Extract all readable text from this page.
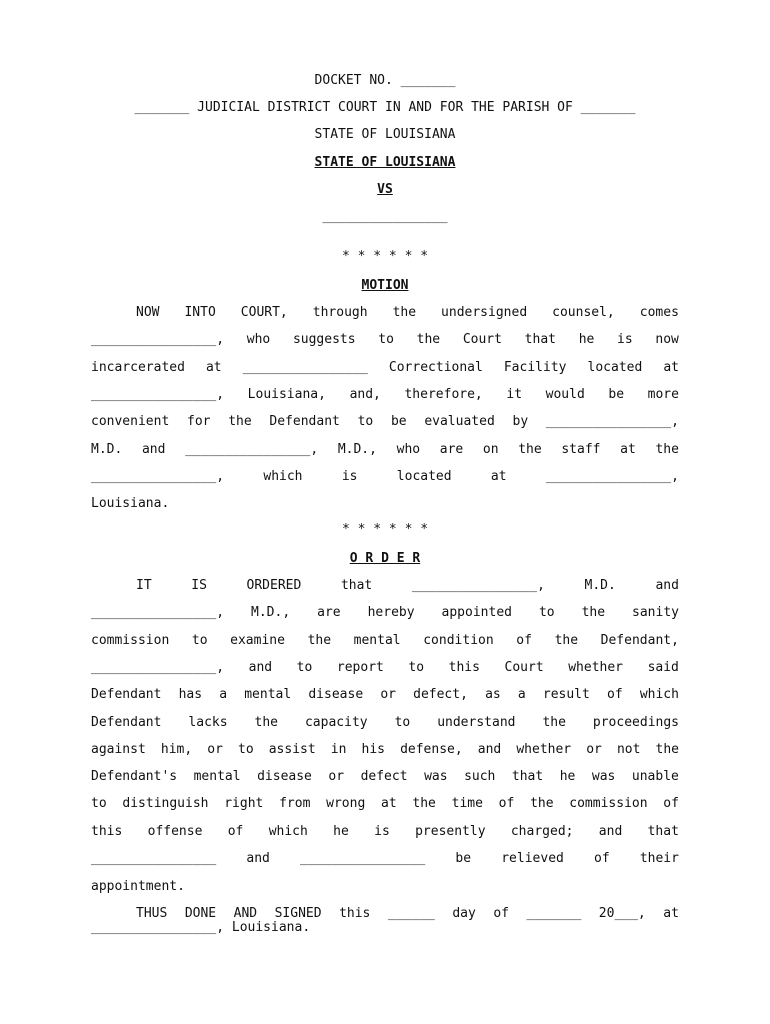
DOCKET NO. _______

_______ JUDICIAL DISTRICT COURT IN AND FOR THE PARISH OF _______

STATE OF LOUISIANA

STATE OF LOUISIANA

VS

________________

* * * * * *

MOTION

NOW INTO COURT, through the undersigned counsel, comes
________________, who suggests to the Court that he is now
incarcerated at ________________ Correctional Facility located at
________________, Louisiana, and, therefore, it would be more
convenient for the Defendant to be evaluated by ________________,
M.D. and ________________, M.D., who are on the staff at the
________________,	which	is	located	at	________________,

Louisiana.

* * * * * *

O R D E R

IT	IS	ORDERED	that	________________,	M.D.	and
________________, M.D., are hereby appointed to the sanity
commission to examine the mental condition of the Defendant,
________________, and to report to this Court whether said
Defendant has a mental disease or defect, as a result of which
Defendant lacks the capacity to understand the proceedings
against him, or to assist in his defense, and whether or not the
Defendant's mental disease or defect was such that he was unable
to distinguish right from wrong at the time of the commission of
this offense of which he is presently charged; and that
________________ and ________________ be relieved of their

appointment.

THUS DONE AND SIGNED this ______ day of _______ 20___, at

________________, Louisiana.
